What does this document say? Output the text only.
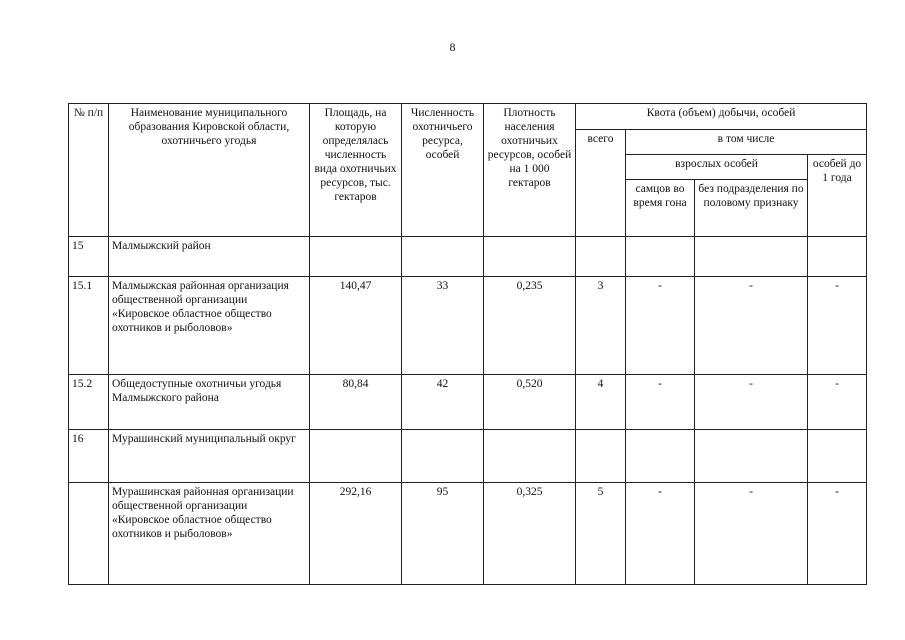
8
№ п/п	Наименование муниципального образования Кировской области, охотничьего угодья	Площадь, на которую определялась численность вида охотничьих ресурсов, тыс. гектаров	Численность охотничьего ресурса, особей	Плотность населения охотничьих ресурсов, особей на 1 000 гектаров	Квота (объем) добычи, особей			
					всего	в том числе		
						взрослых особей		особей до 1 года
						самцов во время гона	без подразделения по половому признаку	
15	Малмыжский район							
15.1	Малмыжская районная организация общественной организации «Кировское областное общество охотников и рыболовов»	140,47	33	0,235	3	-	-	-
15.2	Общедоступные охотничьи угодья Малмыжского района	80,84	42	0,520	4	-	-	-
16	Мурашинский муниципальный округ							
	Мурашинская районная организации общественной организации «Кировское областное общество охотников и рыболовов»	292,16	95	0,325	5	-	-	-
